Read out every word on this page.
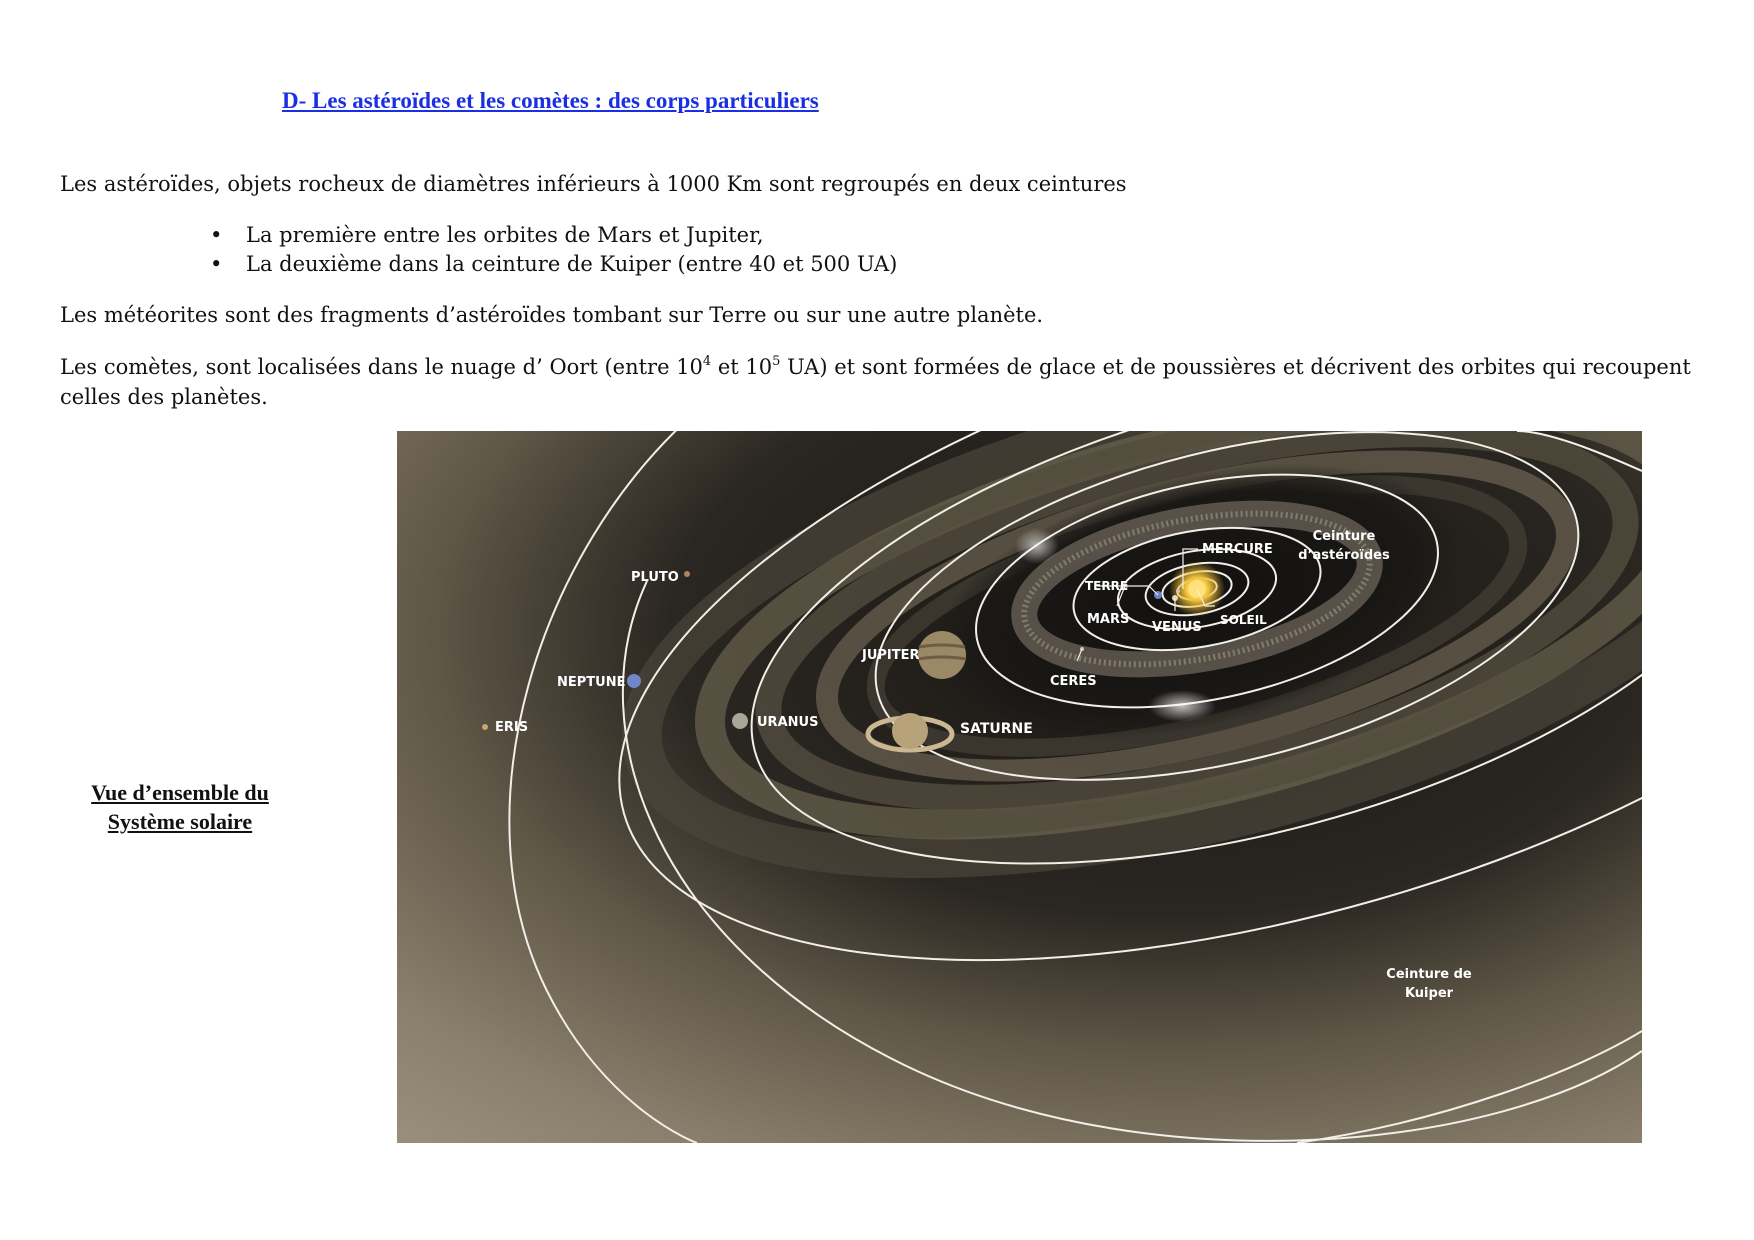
D- Les astéroïdes et les comètes : des corps particuliers
Les astéroïdes, objets rocheux de diamètres inférieurs à 1000 Km sont regroupés en deux ceintures
• La première entre les orbites de Mars et Jupiter,
• La deuxième dans la ceinture de Kuiper (entre 40 et 500 UA)
Les météorites sont des fragments d’astéroïdes tombant sur Terre ou sur une autre planète.
Les comètes, sont localisées dans le nuage d’ Oort (entre $10^4$ et $10^5$ UA) et sont formées de glace et de poussières et décrivent des orbites qui recoupent celles des planètes.
Vue d’ensemble du
Système solaire
MERCURE
TERRE
MARS
VENUS SOLEIL
CERES
JUPITER
SATURNE
URANUS
NEPTUNE
PLUTO
ERIS
Ceinture
d’astéroïdes
Ceinture de
Kuiper
